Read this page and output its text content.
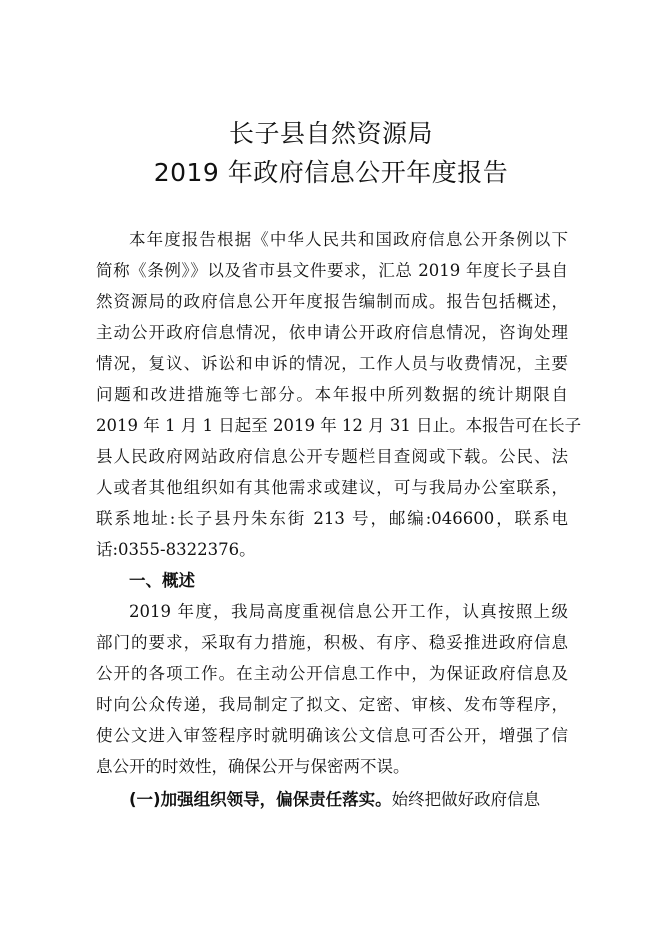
长子县自然资源局
2019 年政府信息公开年度报告
本年度报告根据《中华人民共和国政府信息公开条例以下
简称《条例》》以及省市县文件要求，汇总 2019 年度长子县自
然资源局的政府信息公开年度报告编制而成。报告包括概述，
主动公开政府信息情况，依申请公开政府信息情况，咨询处理
情况，复议、诉讼和申诉的情况，工作人员与收费情况，主要
问题和改进措施等七部分。本年报中所列数据的统计期限自
2019 年 1 月 1 日起至 2019 年 12 月 31 日止。本报告可在长子
县人民政府网站政府信息公开专题栏目查阅或下载。公民、法
人或者其他组织如有其他需求或建议，可与我局办公室联系，
联系地址:长子县丹朱东街 213 号，邮编:046600，联系电
话:0355-8322376。
一、概述
2019 年度，我局高度重视信息公开工作，认真按照上级
部门的要求，采取有力措施，积极、有序、稳妥推进政府信息
公开的各项工作。在主动公开信息工作中，为保证政府信息及
时向公众传递，我局制定了拟文、定密、审核、发布等程序，
使公文进入审签程序时就明确该公文信息可否公开，增强了信
息公开的时效性，确保公开与保密两不误。
(一)加强组织领导，偏保责任落实。始终把做好政府信息
